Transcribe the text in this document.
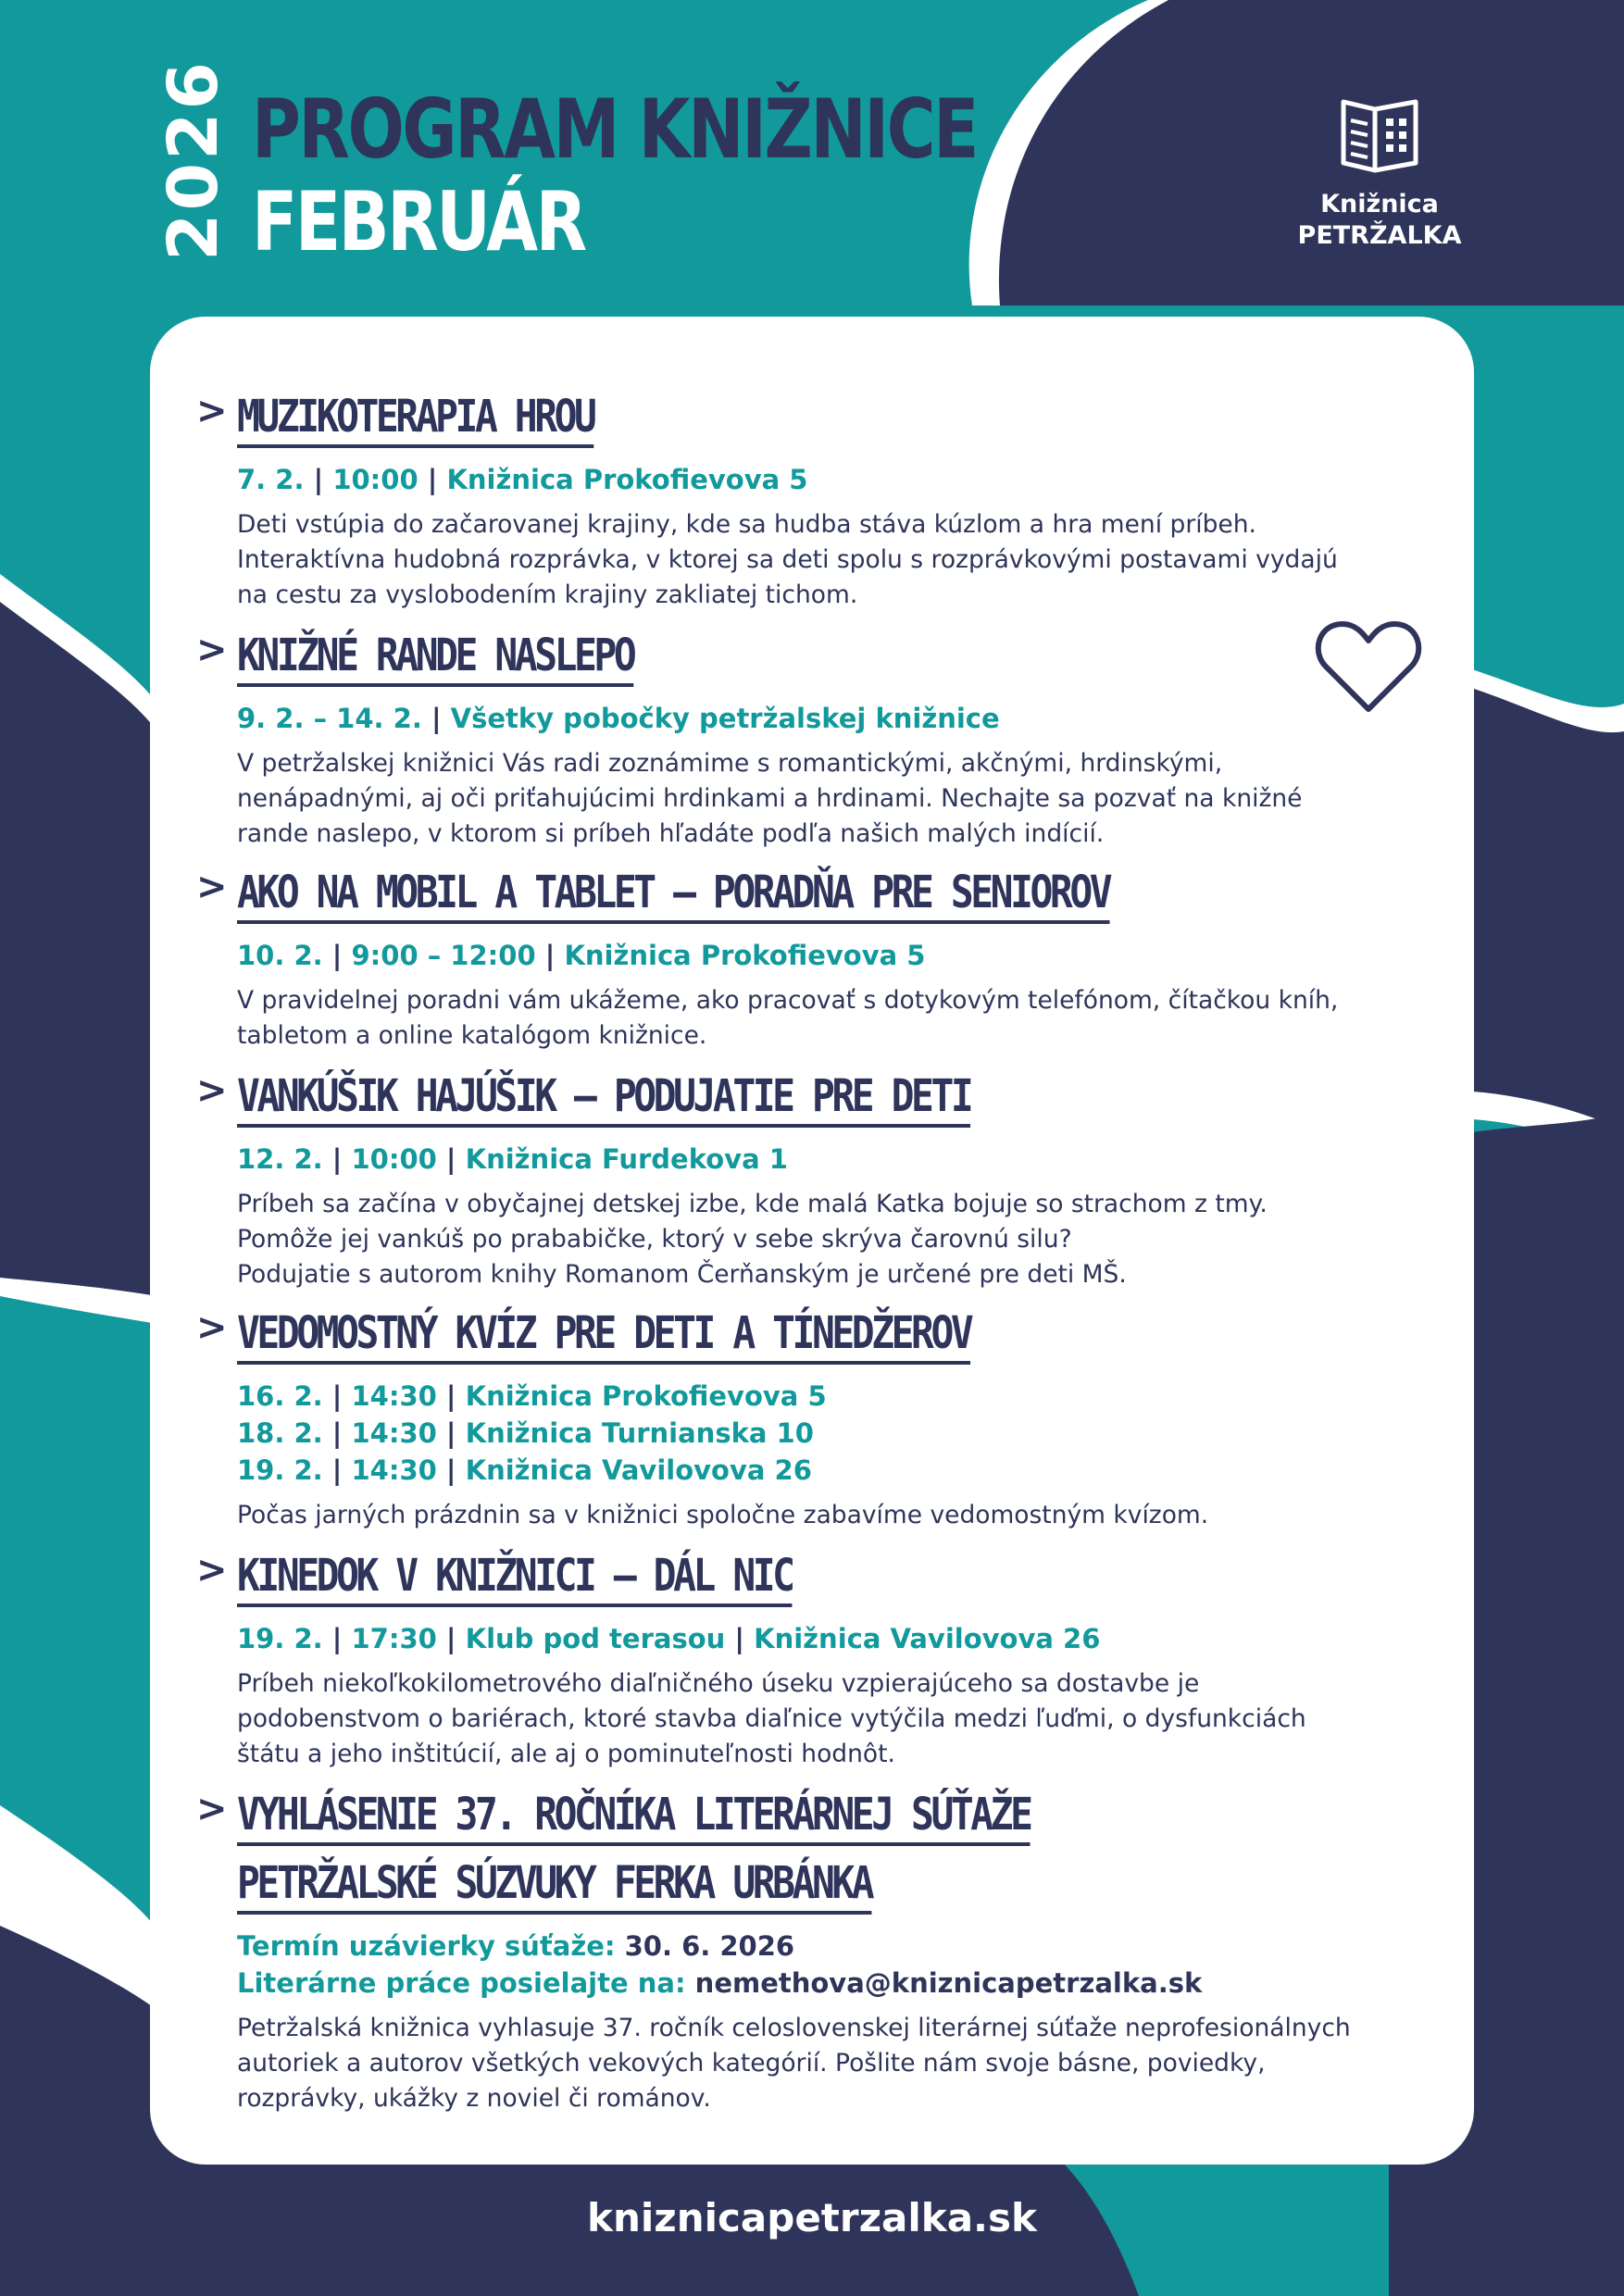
2026 PROGRAM KNIŽNICE
FEBRUÁR	Knižnica
PETRŽALKA
> MUZIKOTERAPIA HROU
7. 2. | 10:00 | Knižnica Prokofievova 5
Deti vstúpia do začarovanej krajiny, kde sa hudba stáva kúzlom a hra mení príbeh.
Interaktívna hudobná rozprávka, v ktorej sa deti spolu s rozprávkovými postavami vydajú
na cestu za vyslobodením krajiny zakliatej tichom.
> KNIŽNÉ RANDE NASLEPO
9. 2. – 14. 2. | Všetky pobočky petržalskej knižnice
V petržalskej knižnici Vás radi zoznámime s romantickými, akčnými, hrdinskými,
nenápadnými, aj oči priťahujúcimi hrdinkami a hrdinami. Nechajte sa pozvať na knižné
rande naslepo, v ktorom si príbeh hľadáte podľa našich malých indícií.
> AKO NA MOBIL A TABLET – PORADŇA PRE SENIOROV
10. 2. | 9:00 – 12:00 | Knižnica Prokofievova 5
V pravidelnej poradni vám ukážeme, ako pracovať s dotykovým telefónom, čítačkou kníh,
tabletom a online katalógom knižnice.
> VANKÚŠIK HAJÚŠIK – PODUJATIE PRE DETI
12. 2. | 10:00 | Knižnica Furdekova 1
Príbeh sa začína v obyčajnej detskej izbe, kde malá Katka bojuje so strachom z tmy.
Pomôže jej vankúš po prababičke, ktorý v sebe skrýva čarovnú silu?
Podujatie s autorom knihy Romanom Čerňanským je určené pre deti MŠ.
> VEDOMOSTNÝ KVÍZ PRE DETI A TÍNEDŽEROV
16. 2. | 14:30 | Knižnica Prokofievova 5
18. 2. | 14:30 | Knižnica Turnianska 10
19. 2. | 14:30 | Knižnica Vavilovova 26
Počas jarných prázdnin sa v knižnici spoločne zabavíme vedomostným kvízom.
> KINEDOK V KNIŽNICI – DÁL NIC
19. 2. | 17:30 | Klub pod terasou | Knižnica Vavilovova 26
Príbeh niekoľkokilometrového diaľničného úseku vzpierajúceho sa dostavbe je
podobenstvom o bariérach, ktoré stavba diaľnice vytýčila medzi ľuďmi, o dysfunkciách
štátu a jeho inštitúcií, ale aj o pominuteľnosti hodnôt.
> VYHLÁSENIE 37. ROČNÍKA LITERÁRNEJ SÚŤAŽE
PETRŽALSKÉ SÚZVUKY FERKA URBÁNKA
Termín uzávierky súťaže: 30. 6. 2026
Literárne práce posielajte na: nemethova@kniznicapetrzalka.sk
Petržalská knižnica vyhlasuje 37. ročník celoslovenskej literárnej súťaže neprofesionálnych
autoriek a autorov všetkých vekových kategórií. Pošlite nám svoje básne, poviedky,
rozprávky, ukážky z noviel či románov.
kniznicapetrzalka.sk
